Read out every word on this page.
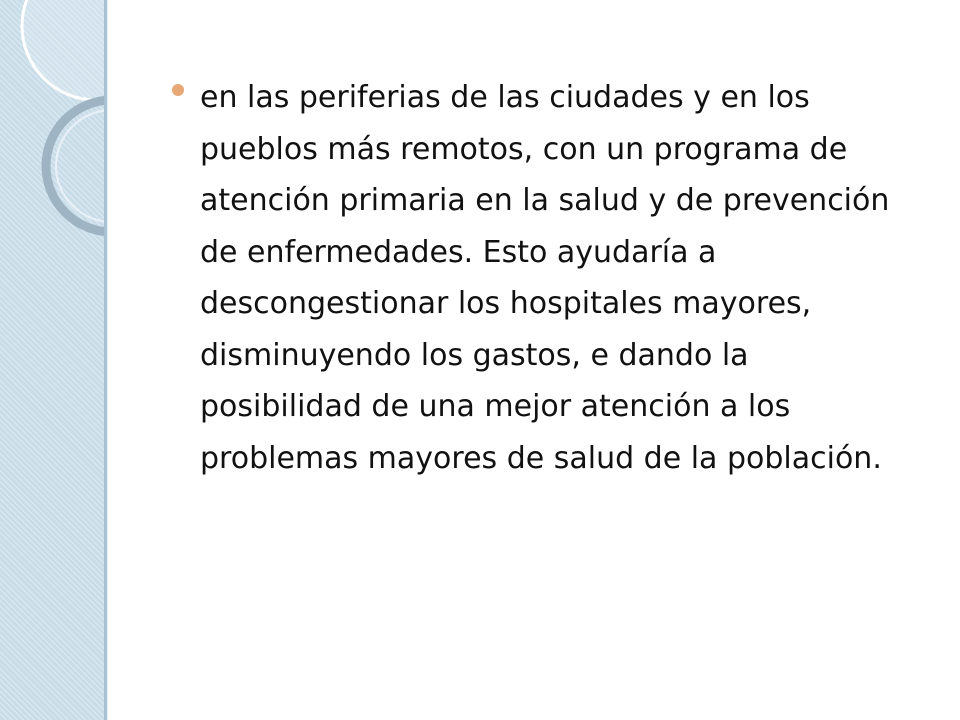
en las periferias de las ciudades y en los pueblos más remotos, con un programa de atención primaria en la salud y de prevención de enfermedades. Esto ayudaría a descongestionar los hospitales mayores, disminuyendo los gastos, e dando la posibilidad de una mejor atención a los problemas mayores de salud de la población.
